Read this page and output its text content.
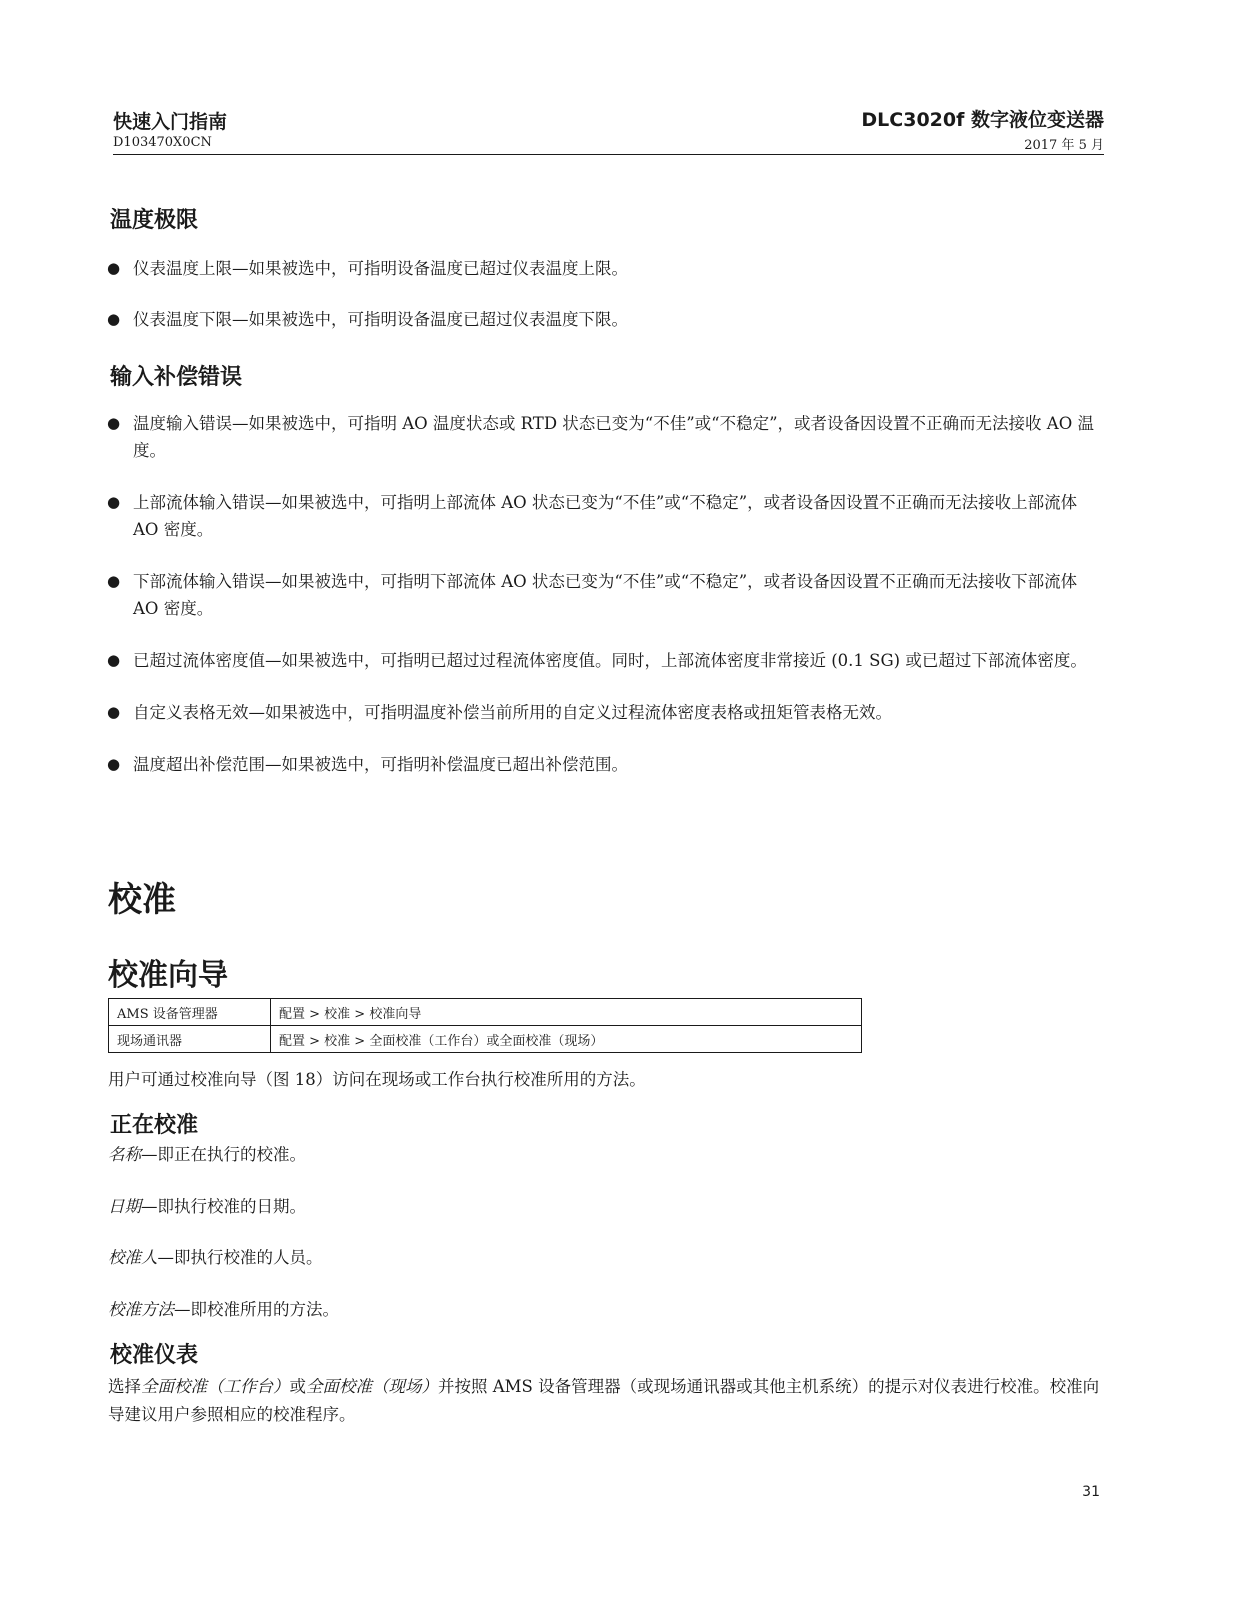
快速入门指南
D103470X0CN
DLC3020f 数字液位变送器
2017 年 5 月
温度极限
● 仪表温度上限—如果被选中，可指明设备温度已超过仪表温度上限。
● 仪表温度下限—如果被选中，可指明设备温度已超过仪表温度下限。
输入补偿错误
● 温度输入错误—如果被选中，可指明 AO 温度状态或 RTD 状态已变为“不佳”或“不稳定”，或者设备因设置不正确而无法接收 AO 温度。
● 上部流体输入错误—如果被选中，可指明上部流体 AO 状态已变为“不佳”或“不稳定”，或者设备因设置不正确而无法接收上部流体 AO 密度。
● 下部流体输入错误—如果被选中，可指明下部流体 AO 状态已变为“不佳”或“不稳定”，或者设备因设置不正确而无法接收下部流体 AO 密度。
● 已超过流体密度值—如果被选中，可指明已超过过程流体密度值。同时，上部流体密度非常接近 (0.1 SG) 或已超过下部流体密度。
● 自定义表格无效—如果被选中，可指明温度补偿当前所用的自定义过程流体密度表格或扭矩管表格无效。
● 温度超出补偿范围—如果被选中，可指明补偿温度已超出补偿范围。
校准
校准向导
AMS 设备管理器	配置 > 校准 > 校准向导
现场通讯器	配置 > 校准 > 全面校准（工作台）或全面校准（现场）
用户可通过校准向导（图 18）访问在现场或工作台执行校准所用的方法。
正在校准
名称—即正在执行的校准。
日期—即执行校准的日期。
校准人—即执行校准的人员。
校准方法—即校准所用的方法。
校准仪表
选择全面校准（工作台）或全面校准（现场）并按照 AMS 设备管理器（或现场通讯器或其他主机系统）的提示对仪表进行校准。校准向导建议用户参照相应的校准程序。
31
